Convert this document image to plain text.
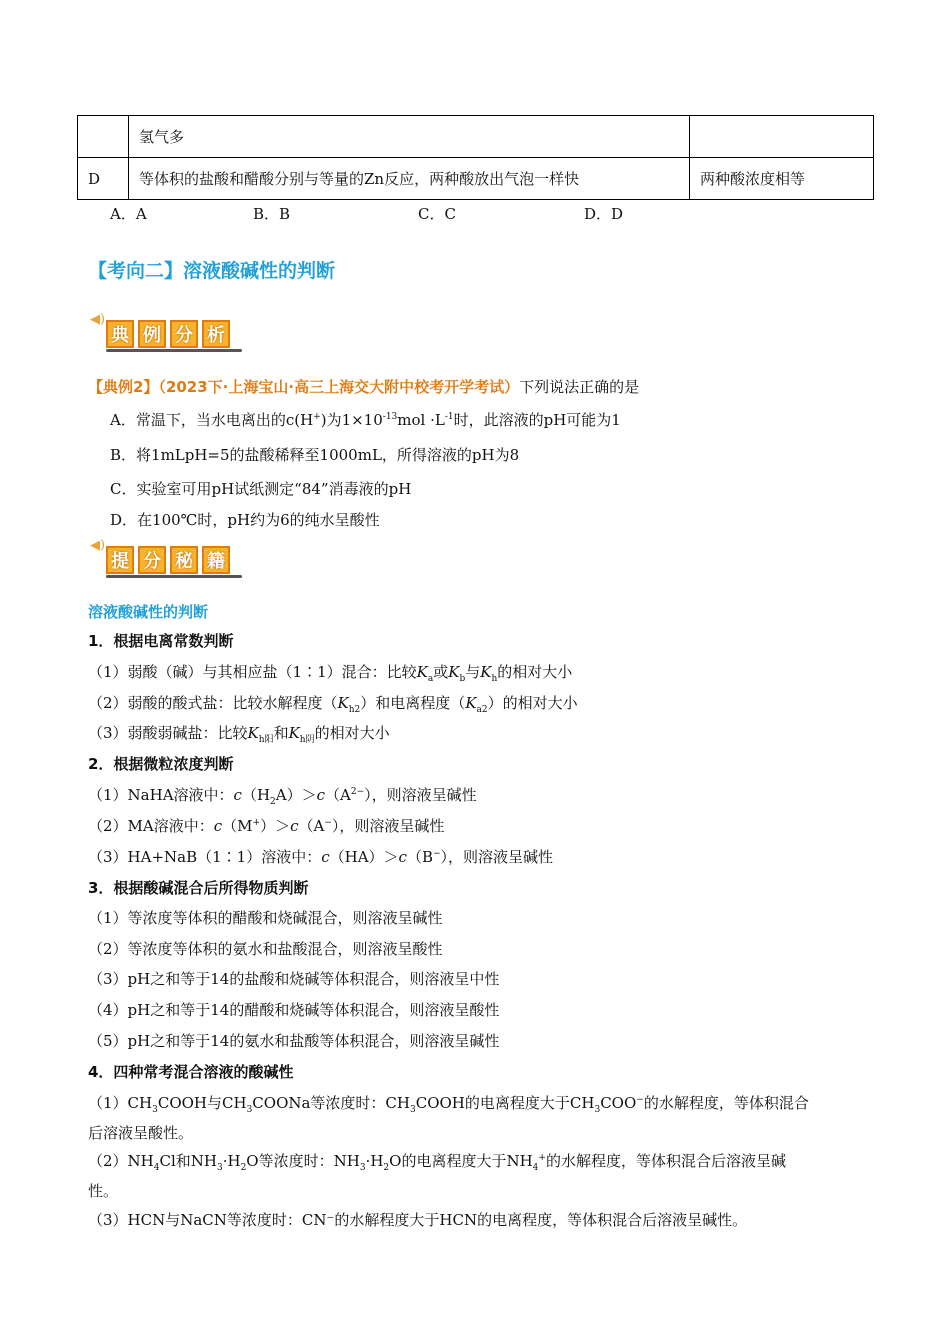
	氢气多	
D	等体积的盐酸和醋酸分别与等量的Zn反应，两种酸放出气泡一样快	两种酸浓度相等
A．A	B．B	C．C	D．D
【考向二】溶液酸碱性的判断
◀)
典 例 分 析
【典例2】（2023下·上海宝山·高三上海交大附中校考开学考试）下列说法正确的是
A．常温下，当水电离出的c(H+)为$1\times 10^{-13}mol \cdot L^{-1}$时，此溶液的pH可能为1
B．将1mLpH=5的盐酸稀释至1000mL，所得溶液的pH为8
C．实验室可用pH试纸测定“84”消毒液的pH
D．在100℃时，pH约为6的纯水呈酸性
◀)
提 分 秘 籍
溶液酸碱性的判断
1．根据电离常数判断
（1）弱酸（碱）与其相应盐（1∶1）混合：比较$K_a$或$K_b$与$K_h$的相对大小
（2）弱酸的酸式盐：比较水解程度$(K_{h2})$和电离程度$(K_{a2})$的相对大小
（3）弱酸弱碱盐：比较$K_{h阳}$和$K_{h阴}$的相对大小
2．根据微粒浓度判断
（1）NaHA溶液中：$c(H_2A)>c(A^{2-})$，则溶液呈碱性
（2）MA溶液中：c（M+）＞c（A−），则溶液呈碱性
（3）HA+NaB（1∶1）溶液中：c（HA）＞c（B−），则溶液呈碱性
3．根据酸碱混合后所得物质判断
（1）等浓度等体积的醋酸和烧碱混合，则溶液呈碱性
（2）等浓度等体积的氨水和盐酸混合，则溶液呈酸性
（3）pH之和等于14的盐酸和烧碱等体积混合，则溶液呈中性
（4）pH之和等于14的醋酸和烧碱等体积混合，则溶液呈酸性
（5）pH之和等于14的氨水和盐酸等体积混合，则溶液呈碱性
4．四种常考混合溶液的酸碱性
$(1)CH_3COOH$与$CH_3COONa$等浓度时：$CH_3COOH$的电离程度大于$CH_3COO^-$的水解程度，等体积混合
后溶液呈酸性。
$(2)NH_4Cl$和$NH_3\cdot H_2O$等浓度时：$NH_3\cdot H_2O$的电离程度大于$NH_4^+$的水解程度，等体积混合后溶液呈碱
性。
（3）HCN与NaCN等浓度时：CN⁻的水解程度大于HCN的电离程度，等体积混合后溶液呈碱性。
